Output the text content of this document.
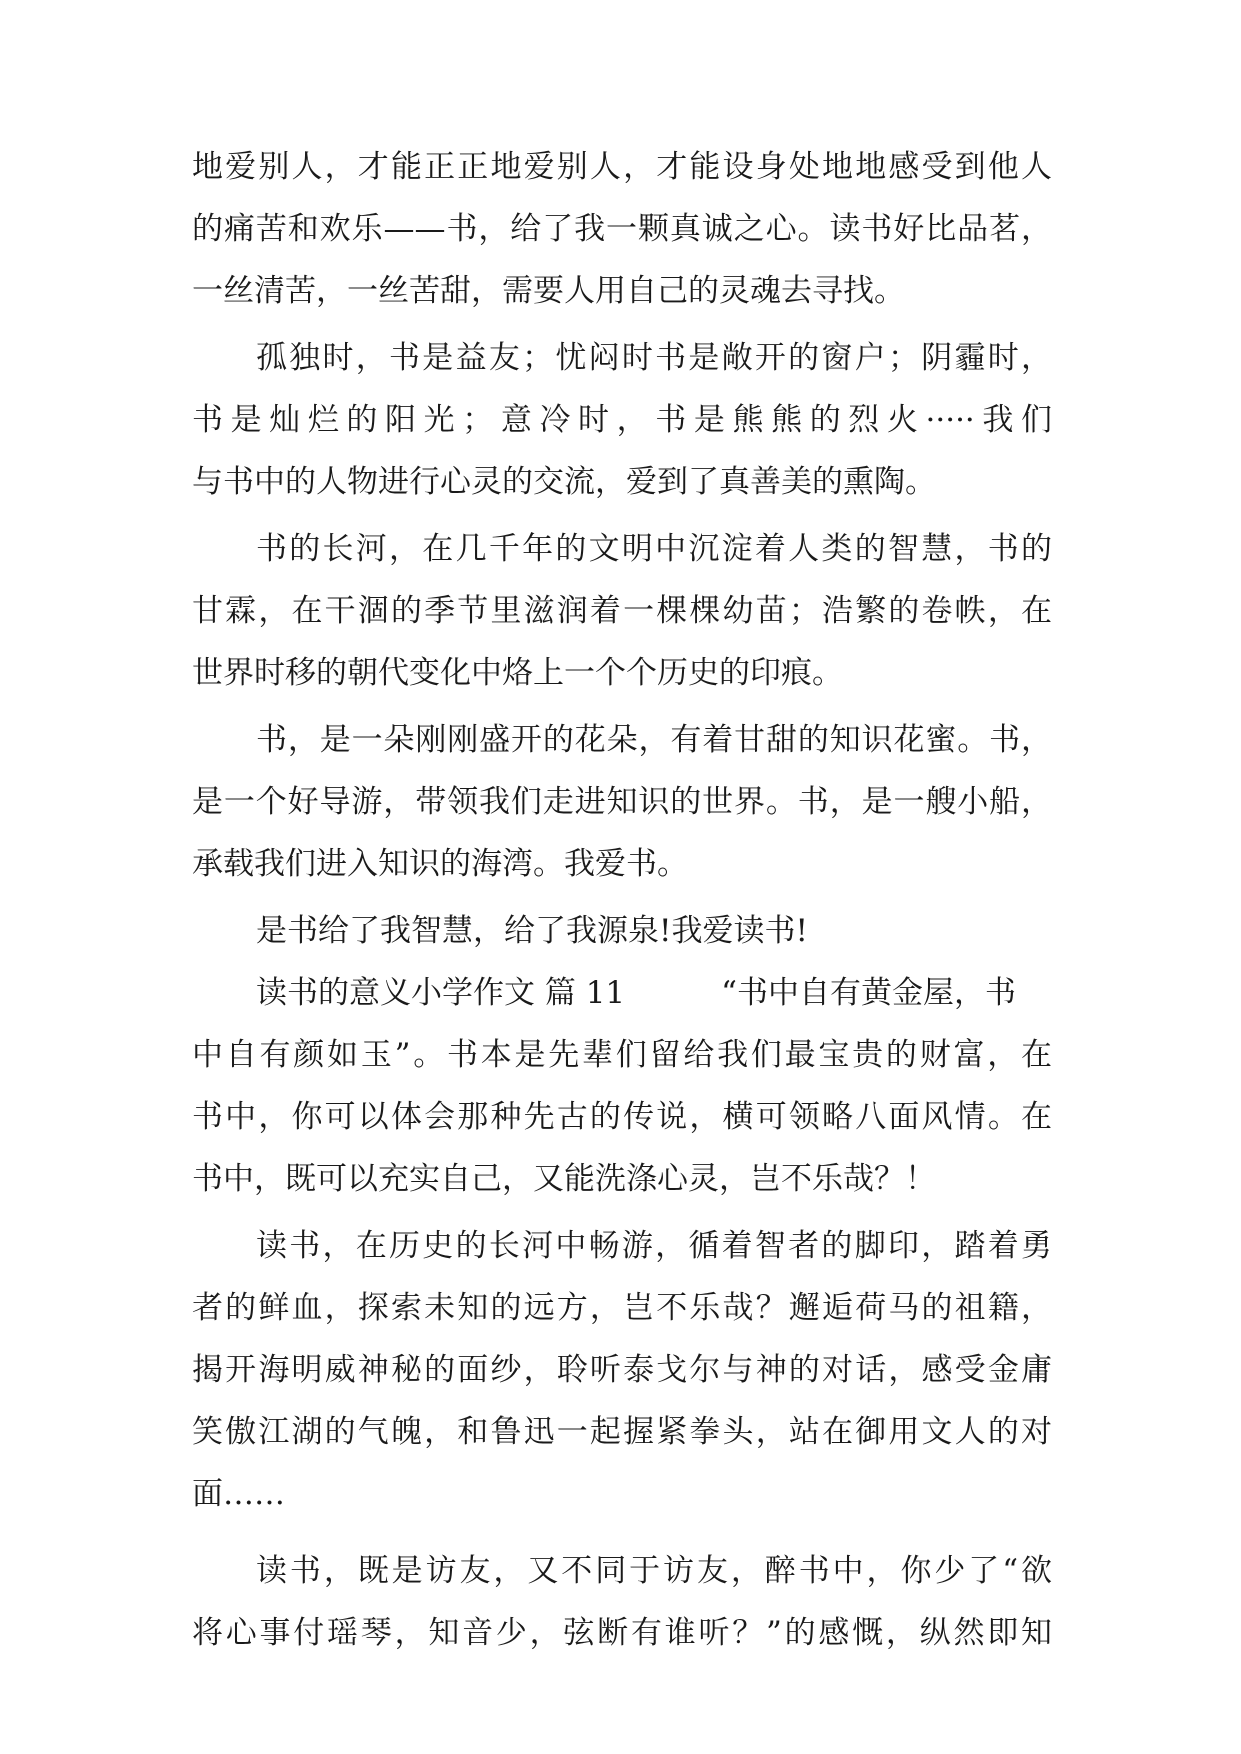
地爱别人，才能正正地爱别人，才能设身处地地感受到他人
的痛苦和欢乐——书，给了我一颗真诚之心。读书好比品茗，
一丝清苦，一丝苦甜，需要人用自己的灵魂去寻找。
孤独时，书是益友；忧闷时书是敞开的窗户；阴霾时，
书是灿烂的阳光；意冷时，书是熊熊的烈火·····我们
与书中的人物进行心灵的交流，爱到了真善美的熏陶。
书的长河，在几千年的文明中沉淀着人类的智慧，书的
甘霖，在干涸的季节里滋润着一棵棵幼苗；浩繁的卷帙，在
世界时移的朝代变化中烙上一个个历史的印痕。
书，是一朵刚刚盛开的花朵，有着甘甜的知识花蜜。书，
是一个好导游，带领我们走进知识的世界。书，是一艘小船，
承载我们进入知识的海湾。我爱书。
是书给了我智慧，给了我源泉!我爱读书!
读书的意义小学作文 篇 11	“书中自有黄金屋，书
中自有颜如玉”。书本是先辈们留给我们最宝贵的财富，在
书中，你可以体会那种先古的传说，横可领略八面风情。在
书中，既可以充实自己，又能洗涤心灵，岂不乐哉？！
读书，在历史的长河中畅游，循着智者的脚印，踏着勇
者的鲜血，探索未知的远方，岂不乐哉？邂逅荷马的祖籍，
揭开海明威神秘的面纱，聆听泰戈尔与神的对话，感受金庸
笑傲江湖的气魄，和鲁迅一起握紧拳头，站在御用文人的对
面……
读书，既是访友，又不同于访友，醉书中，你少了“欲
将心事付瑶琴，知音少，弦断有谁听？”的感慨，纵然即知
